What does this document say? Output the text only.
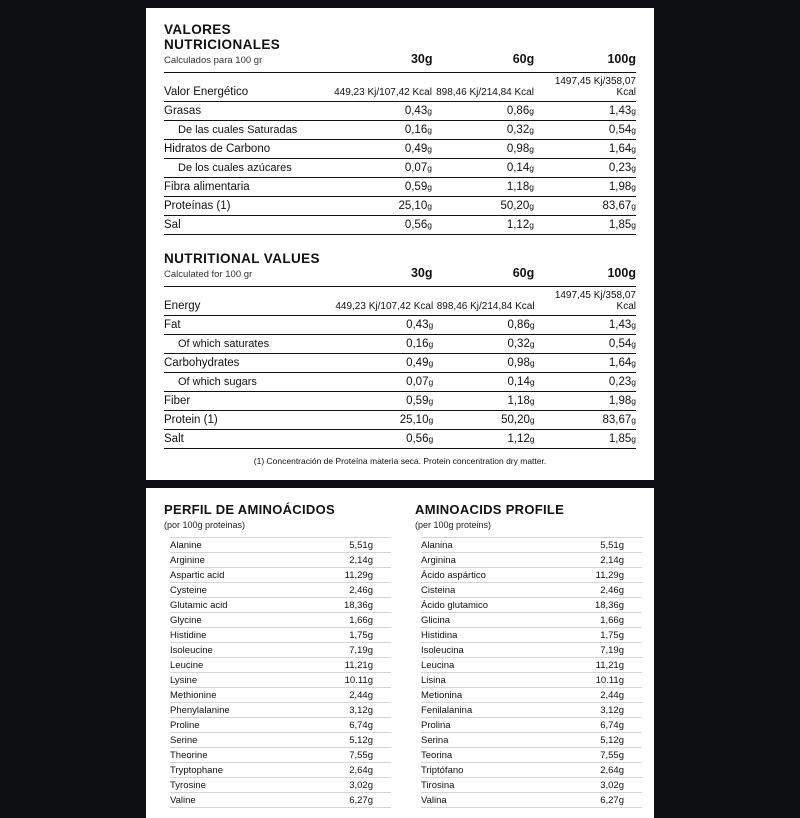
VALORES NUTRICIONALES
Calculados para 100 gr	30g	60g	100g
Valor Energético	449,23 Kj/107,42 Kcal	898,46 Kj/214,84 Kcal	1497,45 Kj/358,07 Kcal
Grasas	0,43g	0,86g	1,43g
De las cuales Saturadas	0,16g	0,32g	0,54g
Hidratos de Carbono	0,49g	0,98g	1,64g
De los cuales azúcares	0,07g	0,14g	0,23g
Fibra alimentaria	0,59g	1,18g	1,98g
Proteínas (1)	25,10g	50,20g	83,67g
Sal	0,56g	1,12g	1,85g
NUTRITIONAL VALUES
Calculated for 100 gr	30g	60g	100g
Energy	449,23 Kj/107,42 Kcal	898,46 Kj/214,84 Kcal	1497,45 Kj/358,07 Kcal
Fat	0,43g	0,86g	1,43g
Of which saturates	0,16g	0,32g	0,54g
Carbohydrates	0,49g	0,98g	1,64g
Of which sugars	0,07g	0,14g	0,23g
Fiber	0,59g	1,18g	1,98g
Protein (1)	25,10g	50,20g	83,67g
Salt	0,56g	1,12g	1,85g
(1) Concentración de Proteína materia seca. Protein concentration dry matter.
PERFIL DE AMINOÁCIDOS
(por 100g proteinas)
Alanine	5,51g
Arginine	2,14g
Aspartic acid	11,29g
Cysteine	2,46g
Glutamic acid	18,36g
Glycine	1,66g
Histidine	1,75g
Isoleucine	7,19g
Leucine	11,21g
Lysine	10.11g
Methionine	2,44g
Phenylalanine	3,12g
Proline	6,74g
Serine	5,12g
Theorine	7,55g
Tryptophane	2,64g
Tyrosine	3,02g
Valine	6,27g
AMINOACIDS PROFILE
(per 100g proteins)
Alanina	5,51g
Arginina	2,14g
Ácido aspártico	11,29g
Cisteina	2,46g
Ácido glutamico	18,36g
Glicina	1,66g
Histidina	1,75g
Isoleucina	7,19g
Leucina	11,21g
Lisina	10.11g
Metionina	2,44g
Fenilalanina	3,12g
Prolina	6,74g
Serina	5,12g
Teorina	7,55g
Triptófano	2,64g
Tirosina	3,02g
Valina	6,27g
